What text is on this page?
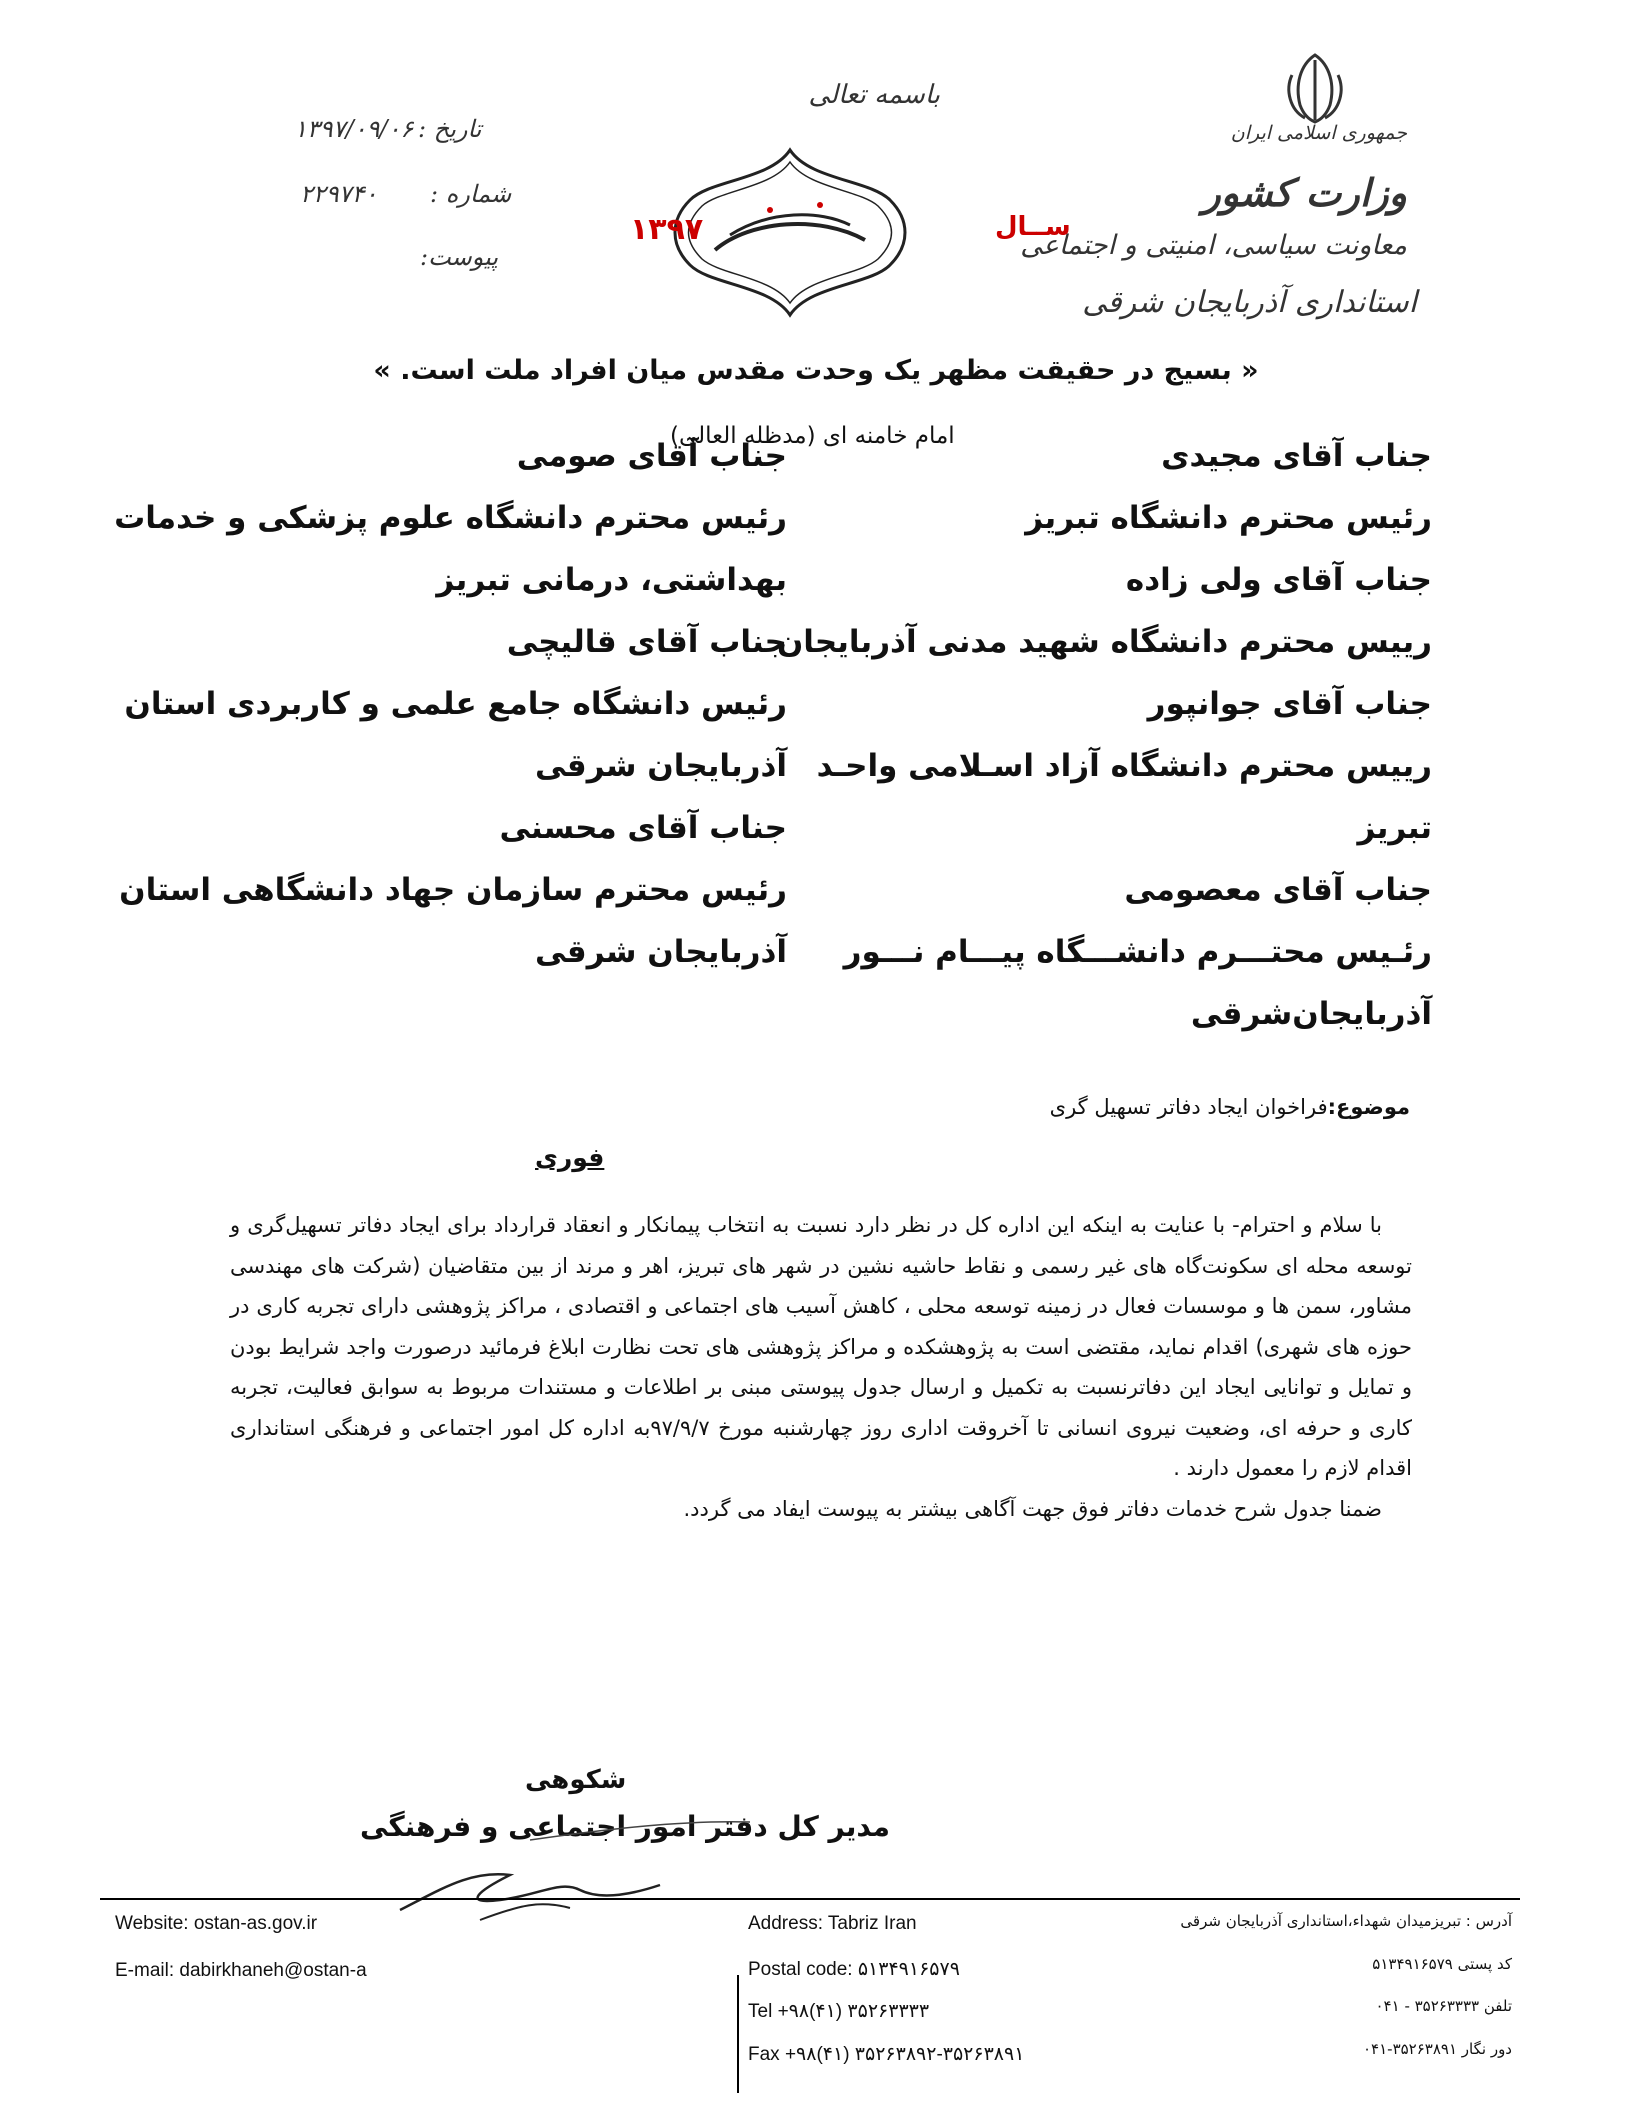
باسمه تعالی
جمهوری اسلامی ایران
وزارت کشور
معاونت سیاسی، امنیتی و اجتماعی
استانداری آذربایجان شرقی
تاریخ :
۱۳۹۷/۰۹/۰۶
شماره :
۲۲۹۷۴۰
پیوست:
۱۳۹۷	ســال
« بسیج در حقیقت مظهر یک وحدت مقدس میان افراد ملت است. »
امام خامنه ای (مدظله العالی)
جناب آقای مجیدی
رئیس محترم دانشگاه تبریز
جناب آقای ولی زاده
رییس محترم دانشگاه شهید مدنی آذربایجان
جناب آقای جوانپور
رییس محترم دانشگاه آزاد اسـلامی واحـد
تبریز
جناب آقای معصومی
رئـیس محتـــرم دانشـــگاه پیـــام نـــور
آذربایجان‌شرقی
جناب آقای صومی
رئیس محترم دانشگاه علوم پزشکی و خدمات
بهداشتی، درمانی تبریز
جناب آقای قالیچی
رئیس دانشگاه جامع علمی و کاربردی استان
آذربایجان شرقی
جناب آقای محسنی
رئیس محترم سازمان جهاد دانشگاهی استان
آذربایجان شرقی
موضوع:فراخوان ایجاد دفاتر تسهیل گری
فوری

با سلام و احترام- با عنایت به اینکه این اداره کل در نظر دارد نسبت به انتخاب پیمانکار و انعقاد قرارداد برای ایجاد دفاتر تسهیل‌گری و توسعه محله ای سکونت‌گاه های غیر رسمی و نقاط حاشیه نشین در شهر های تبریز، اهر و مرند از بین متقاضیان (شرکت های مهندسی مشاور، سمن ها و موسسات فعال در زمینه توسعه محلی ، کاهش آسیب های اجتماعی و اقتصادی ، مراکز پژوهشی دارای تجربه کاری در حوزه های شهری) اقدام نماید، مقتضی است به پژوهشکده و مراکز پژوهشی های تحت نظارت ابلاغ فرمائید درصورت واجد شرایط بودن و تمایل و توانایی ایجاد این دفاترنسبت به تکمیل و ارسال جدول پیوستی مبنی بر اطلاعات و مستندات مربوط به سوابق فعالیت، تجربه کاری و حرفه ای، وضعیت نیروی انسانی تا آخروقت اداری روز چهارشنبه مورخ ۹۷/۹/۷به اداره کل امور اجتماعی و فرهنگی استانداری اقدام لازم را معمول دارند .

ضمنا جدول شرح خدمات دفاتر فوق جهت آگاهی بیشتر به پیوست ایفاد می گردد.

شکوهی
مدیر کل دفتر امور اجتماعی و فرهنگی
Website: ostan-as.gov.ir
E-mail: dabirkhaneh@ostan-a
Address: Tabriz Iran
Postal code: ۵۱۳۴۹۱۶۵۷۹
Tel +۹۸(۴۱) ۳۵۲۶۳۳۳۳
Fax +۹۸(۴۱) ۳۵۲۶۳۸۹۲-۳۵۲۶۳۸۹۱
آدرس : تبریزمیدان شهداء،استانداری آذربایجان شرقی
کد پستی ۵۱۳۴۹۱۶۵۷۹
تلفن ۳۵۲۶۳۳۳۳ - ۰۴۱
دور نگار ۳۵۲۶۳۸۹۱-۰۴۱
